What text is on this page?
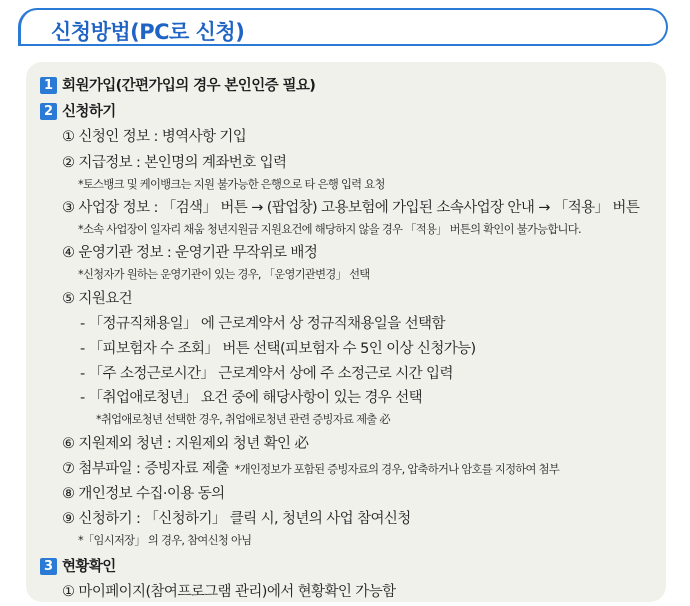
신청방법(PC로 신청)
1 회원가입(간편가입의 경우 본인인증 필요)
2 신청하기
① 신청인 정보 : 병역사항 기입
② 지급정보 : 본인명의 계좌번호 입력
*토스뱅크 및 케이뱅크는 지원 불가능한 은행으로 타 은행 입력 요청
③ 사업장 정보 : 「검색」 버튼 → (팝업창) 고용보험에 가입된 소속사업장 안내 → 「적용」 버튼
*소속 사업장이 일자리 채움 청년지원금 지원요건에 해당하지 않을 경우 「적용」 버튼의 확인이 불가능합니다.
④ 운영기관 정보 : 운영기관 무작위로 배정
*신청자가 원하는 운영기관이 있는 경우, 「운영기관변경」 선택
⑤ 지원요건
- 「정규직채용일」 에 근로계약서 상 정규직채용일을 선택함
- 「피보험자 수 조회」 버튼 선택(피보험자 수 5인 이상 신청가능)
- 「주 소정근로시간」 근로계약서 상에 주 소정근로 시간 입력
- 「취업애로청년」 요건 중에 해당사항이 있는 경우 선택
*취업애로청년 선택한 경우, 취업애로청년 관련 증빙자료 제출 必
⑥ 지원제외 청년 : 지원제외 청년 확인 必
⑦ 첨부파일 : 증빙자료 제출 *개인정보가 포함된 증빙자료의 경우, 압축하거나 암호를 지정하여 첨부
⑧ 개인정보 수집·이용 동의
⑨ 신청하기 : 「신청하기」 클릭 시, 청년의 사업 참여신청
*「임시저장」 의 경우, 참여신청 아님
3 현황확인
① 마이페이지(참여프로그램 관리)에서 현황확인 가능함
